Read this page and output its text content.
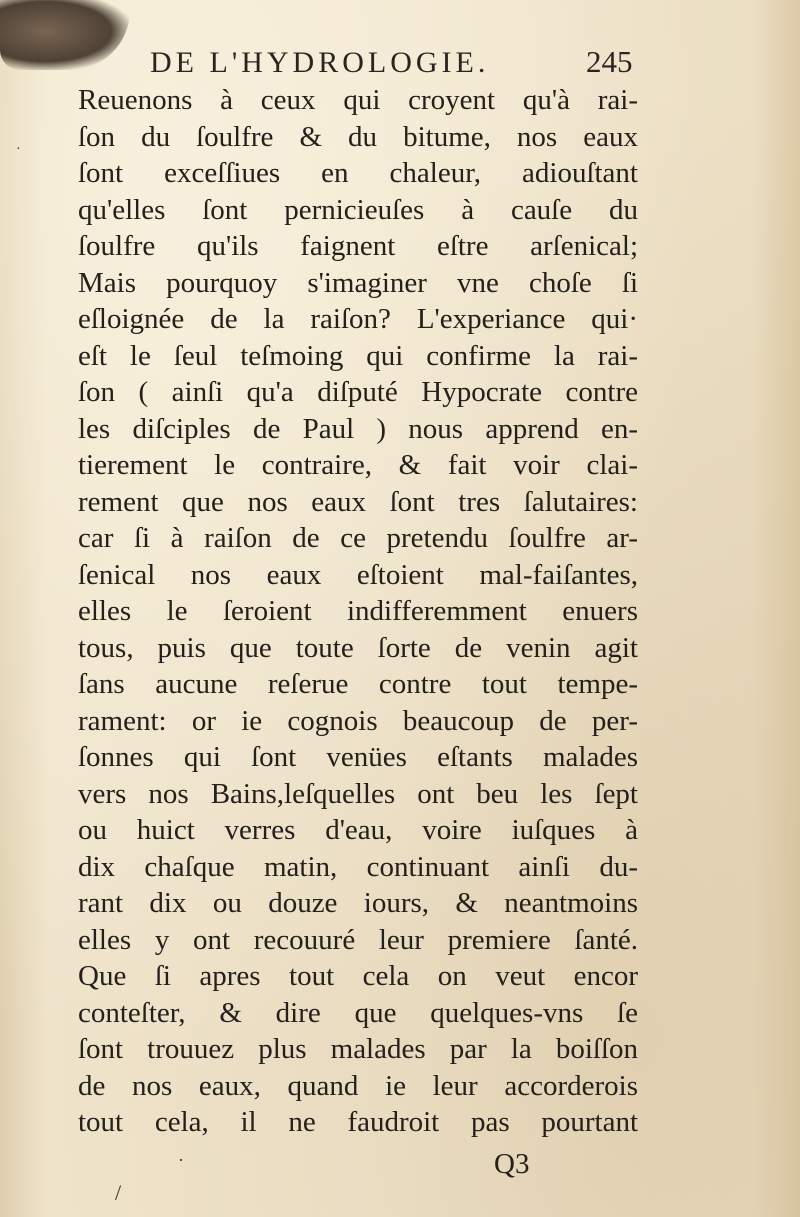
DE L'HYDROLOGIE.	245
Reuenons à ceux qui croyent qu'à rai-
ſon du ſoulfre & du bitume, nos eaux
ſont exceſſiues en chaleur, adiouſtant
qu'elles ſont pernicieuſes à cauſe du
ſoulfre qu'ils faignent eſtre arſenical;
Mais pourquoy s'imaginer vne choſe ſi
eſloignée de la raiſon? L'experiance qui·
eſt le ſeul teſmoing qui confirme la rai-
ſon ( ainſi qu'a diſputé Hypocrate contre
les diſciples de Paul ) nous apprend en-
tierement le contraire, & fait voir clai-
rement que nos eaux ſont tres ſalutaires:
car ſi à raiſon de ce pretendu ſoulfre ar-
ſenical nos eaux eſtoient mal-faiſantes,
elles le ſeroient indifferemment enuers
tous, puis que toute ſorte de venin agit
ſans aucune reſerue contre tout tempe-
rament: or ie cognois beaucoup de per-
ſonnes qui ſont venües eſtants malades
vers nos Bains,leſquelles ont beu les ſept
ou huict verres d'eau, voire iuſques à
dix chaſque matin, continuant ainſi du-
rant dix ou douze iours, & neantmoins
elles y ont recouuré leur premiere ſanté.
Que ſi apres tout cela on veut encor
conteſter, & dire que quelques-vns ſe
ſont trouuez plus malades par la boiſſon
de nos eaux, quand ie leur accorderois
tout cela, il ne faudroit pas pourtant
Q3
·
/
·
